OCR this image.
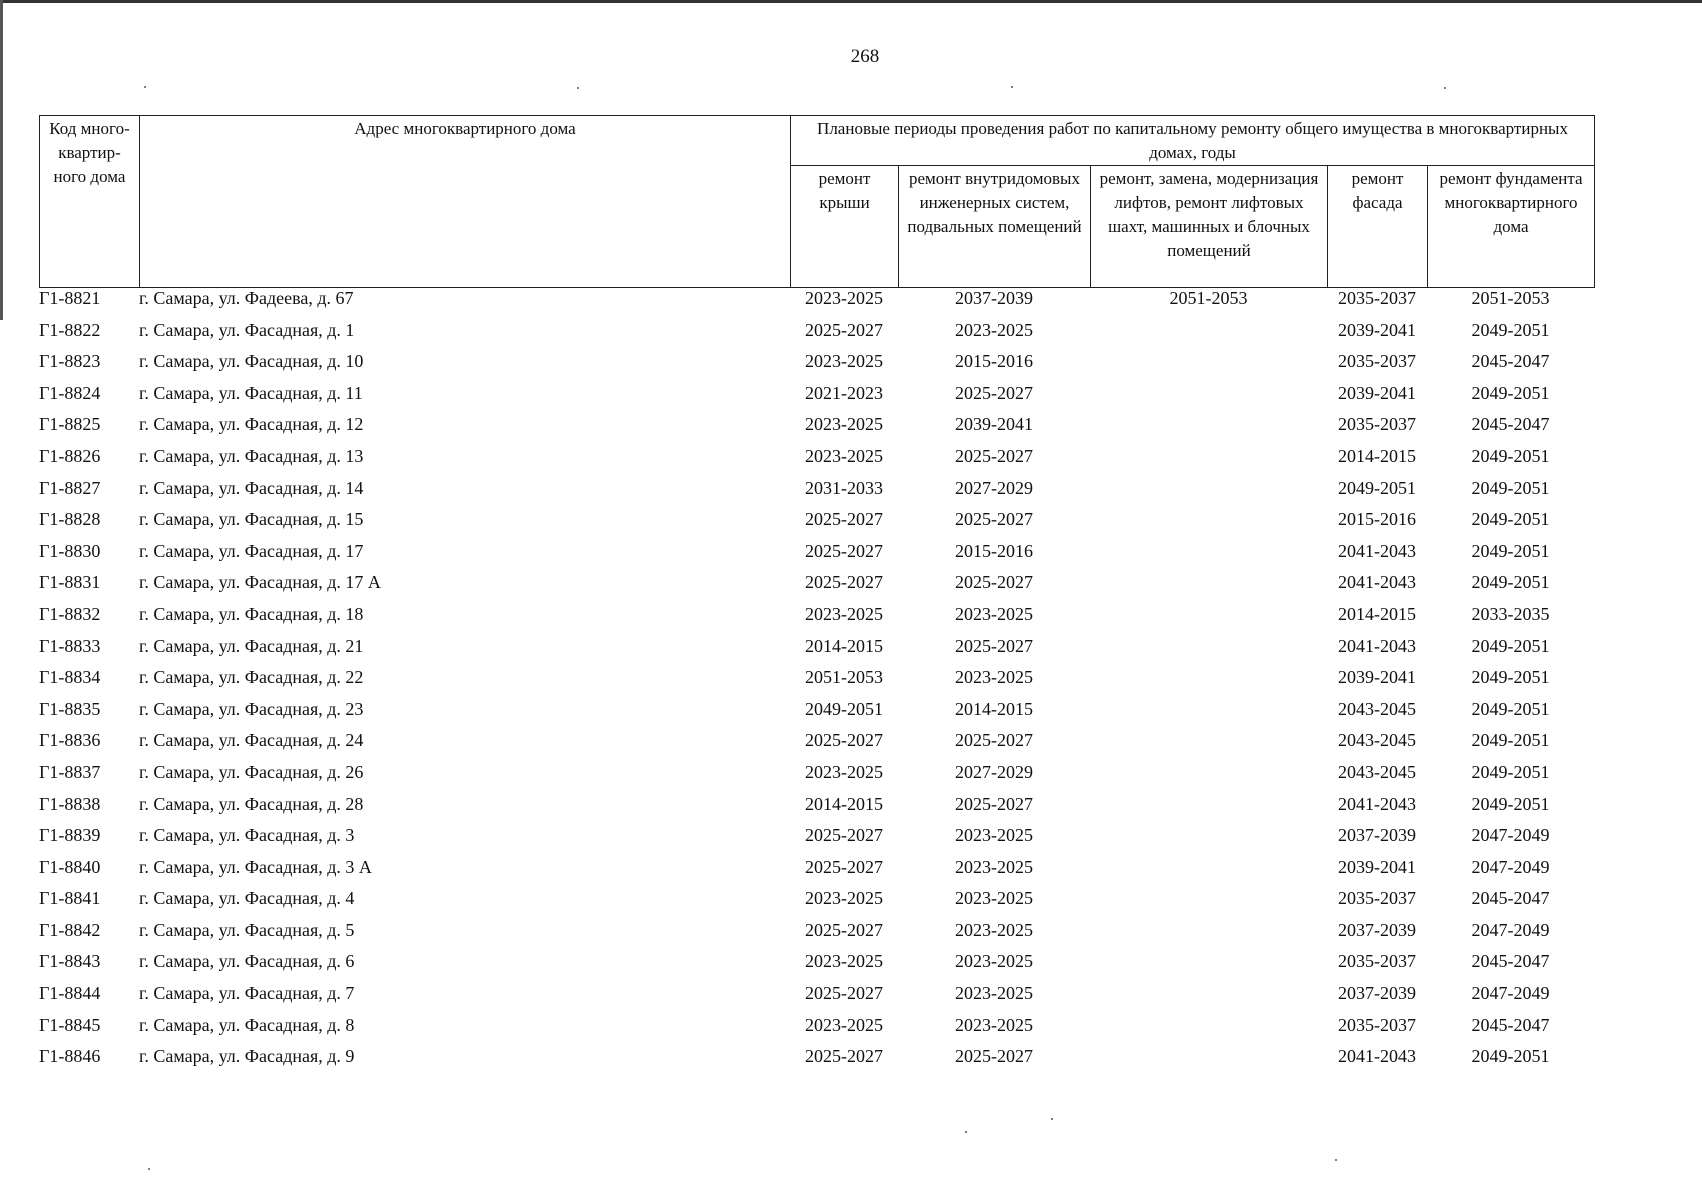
268
Код много-квартир-ного дома	Адрес многоквартирного дома	Плановые периоды проведения работ по капитальному ремонту общего имущества в многоквартирных домах, годы				
		ремонт крыши	ремонт внутридомовых инженерных систем, подвальных помещений	ремонт, замена, модернизация лифтов, ремонт лифтовых шахт, машинных и блочных помещений	ремонт фасада	ремонт фундамента многоквартирного дома
Г1-8821	г. Самара, ул. Фадеева, д. 67	2023-2025	2037-2039	2051-2053	2035-2037	2051-2053
Г1-8822	г. Самара, ул. Фасадная, д. 1	2025-2027	2023-2025		2039-2041	2049-2051
Г1-8823	г. Самара, ул. Фасадная, д. 10	2023-2025	2015-2016		2035-2037	2045-2047
Г1-8824	г. Самара, ул. Фасадная, д. 11	2021-2023	2025-2027		2039-2041	2049-2051
Г1-8825	г. Самара, ул. Фасадная, д. 12	2023-2025	2039-2041		2035-2037	2045-2047
Г1-8826	г. Самара, ул. Фасадная, д. 13	2023-2025	2025-2027		2014-2015	2049-2051
Г1-8827	г. Самара, ул. Фасадная, д. 14	2031-2033	2027-2029		2049-2051	2049-2051
Г1-8828	г. Самара, ул. Фасадная, д. 15	2025-2027	2025-2027		2015-2016	2049-2051
Г1-8830	г. Самара, ул. Фасадная, д. 17	2025-2027	2015-2016		2041-2043	2049-2051
Г1-8831	г. Самара, ул. Фасадная, д. 17 А	2025-2027	2025-2027		2041-2043	2049-2051
Г1-8832	г. Самара, ул. Фасадная, д. 18	2023-2025	2023-2025		2014-2015	2033-2035
Г1-8833	г. Самара, ул. Фасадная, д. 21	2014-2015	2025-2027		2041-2043	2049-2051
Г1-8834	г. Самара, ул. Фасадная, д. 22	2051-2053	2023-2025		2039-2041	2049-2051
Г1-8835	г. Самара, ул. Фасадная, д. 23	2049-2051	2014-2015		2043-2045	2049-2051
Г1-8836	г. Самара, ул. Фасадная, д. 24	2025-2027	2025-2027		2043-2045	2049-2051
Г1-8837	г. Самара, ул. Фасадная, д. 26	2023-2025	2027-2029		2043-2045	2049-2051
Г1-8838	г. Самара, ул. Фасадная, д. 28	2014-2015	2025-2027		2041-2043	2049-2051
Г1-8839	г. Самара, ул. Фасадная, д. 3	2025-2027	2023-2025		2037-2039	2047-2049
Г1-8840	г. Самара, ул. Фасадная, д. 3 А	2025-2027	2023-2025		2039-2041	2047-2049
Г1-8841	г. Самара, ул. Фасадная, д. 4	2023-2025	2023-2025		2035-2037	2045-2047
Г1-8842	г. Самара, ул. Фасадная, д. 5	2025-2027	2023-2025		2037-2039	2047-2049
Г1-8843	г. Самара, ул. Фасадная, д. 6	2023-2025	2023-2025		2035-2037	2045-2047
Г1-8844	г. Самара, ул. Фасадная, д. 7	2025-2027	2023-2025		2037-2039	2047-2049
Г1-8845	г. Самара, ул. Фасадная, д. 8	2023-2025	2023-2025		2035-2037	2045-2047
Г1-8846	г. Самара, ул. Фасадная, д. 9	2025-2027	2025-2027		2041-2043	2049-2051
